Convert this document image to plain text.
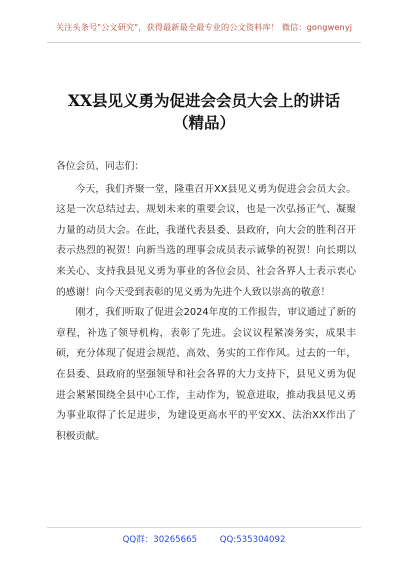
关注头条号"公文研究"，获得最新最全最专业的公文资料库！ 微信：gongwenyj
XX县见义勇为促进会会员大会上的讲话
（精品）

各位会员、同志们：

今天，我们齐聚一堂，隆重召开XX县见义勇为促进会会员大会。这是一次总结过去、规划未来的重要会议，也是一次弘扬正气、凝聚力量的动员大会。在此，我谨代表县委、县政府，向大会的胜利召开表示热烈的祝贺！向新当选的理事会成员表示诚挚的祝贺！向长期以来关心、支持我县见义勇为事业的各位会员、社会各界人士表示衷心的感谢！向今天受到表彰的见义勇为先进个人致以崇高的敬意！

刚才，我们听取了促进会2024年度的工作报告，审议通过了新的章程，补选了领导机构，表彰了先进。会议议程紧凑务实，成果丰硕，充分体现了促进会规范、高效、务实的工作作风。过去的一年，在县委、县政府的坚强领导和社会各界的大力支持下，县见义勇为促进会紧紧围绕全县中心工作，主动作为，锐意进取，推动我县见义勇为事业取得了长足进步，为建设更高水平的平安XX、法治XX作出了积极贡献。

QQ群：30265665	QQ:535304092
